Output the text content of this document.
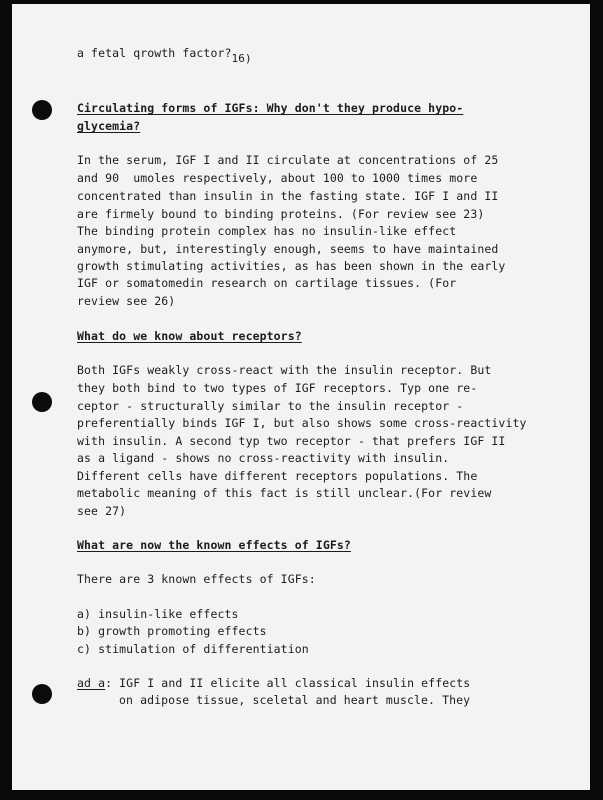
a fetal qrowth factor?$^{16)}$
Circulating forms of IGFs: Why don't they produce hypo-
glycemia?
In the serum, IGF I and II circulate at concentrations of 25
and 90  umoles respectively, about 100 to 1000 times more
concentrated than insulin in the fasting state. IGF I and II
are firmely bound to binding proteins. (For review see 23)
The binding protein complex has no insulin-like effect
anymore, but, interestingly enough, seems to have maintained
growth stimulating activities, as has been shown in the early
IGF or somatomedin research on cartilage tissues. (For
review see 26)
What do we know about receptors?
Both IGFs weakly cross-react with the insulin receptor. But
they both bind to two types of IGF receptors. Typ one re-
ceptor - structurally similar to the insulin receptor -
preferentially binds IGF I, but also shows some cross-reactivity
with insulin. A second typ two receptor - that prefers IGF II
as a ligand - shows no cross-reactivity with insulin.
Different cells have different receptors populations. The
metabolic meaning of this fact is still unclear.(For review
see 27)
What are now the known effects of IGFs?
There are 3 known effects of IGFs:
a) insulin-like effects
b) growth promoting effects
c) stimulation of differentiation
ad a: IGF I and II elicite all classical insulin effects
on adipose tissue, sceletal and heart muscle. They
